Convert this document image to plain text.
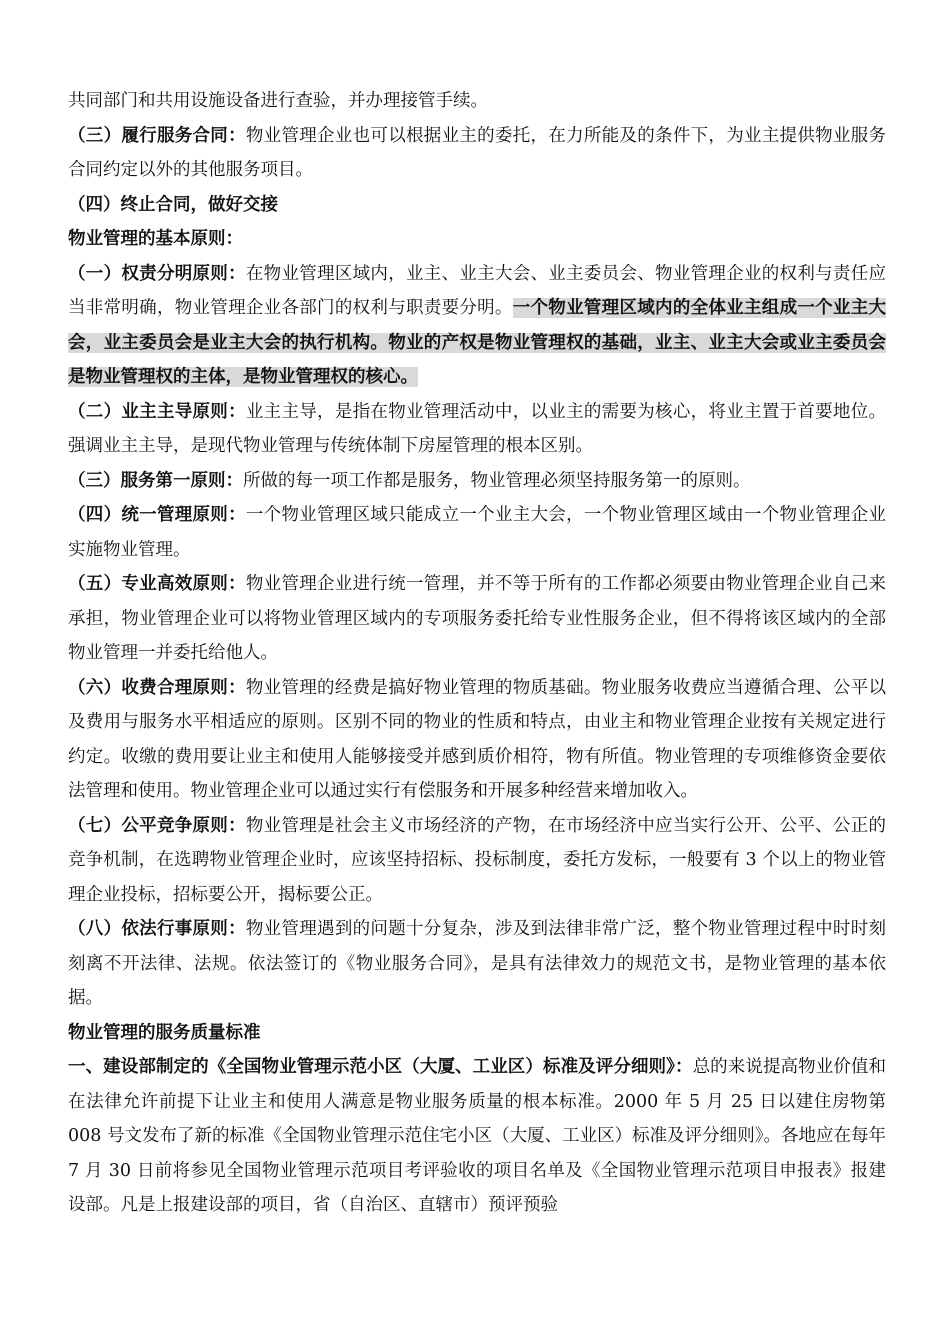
共同部门和共用设施设备进行查验，并办理接管手续。

（三）履行服务合同：物业管理企业也可以根据业主的委托，在力所能及的条件下，为业主提供物业服务合同约定以外的其他服务项目。

（四）终止合同，做好交接

物业管理的基本原则：

（一）权责分明原则：在物业管理区域内，业主、业主大会、业主委员会、物业管理企业的权利与责任应当非常明确，物业管理企业各部门的权利与职责要分明。一个物业管理区域内的全体业主组成一个业主大会，业主委员会是业主大会的执行机构。物业的产权是物业管理权的基础，业主、业主大会或业主委员会是物业管理权的主体，是物业管理权的核心。

（二）业主主导原则：业主主导，是指在物业管理活动中，以业主的需要为核心，将业主置于首要地位。强调业主主导，是现代物业管理与传统体制下房屋管理的根本区别。

（三）服务第一原则：所做的每一项工作都是服务，物业管理必须坚持服务第一的原则。

（四）统一管理原则：一个物业管理区域只能成立一个业主大会，一个物业管理区域由一个物业管理企业实施物业管理。

（五）专业高效原则：物业管理企业进行统一管理，并不等于所有的工作都必须要由物业管理企业自己来承担，物业管理企业可以将物业管理区域内的专项服务委托给专业性服务企业，但不得将该区域内的全部物业管理一并委托给他人。

（六）收费合理原则：物业管理的经费是搞好物业管理的物质基础。物业服务收费应当遵循合理、公平以及费用与服务水平相适应的原则。区别不同的物业的性质和特点，由业主和物业管理企业按有关规定进行约定。收缴的费用要让业主和使用人能够接受并感到质价相符，物有所值。物业管理的专项维修资金要依法管理和使用。物业管理企业可以通过实行有偿服务和开展多种经营来增加收入。

（七）公平竞争原则：物业管理是社会主义市场经济的产物，在市场经济中应当实行公开、公平、公正的竞争机制，在选聘物业管理企业时，应该坚持招标、投标制度，委托方发标，一般要有 3 个以上的物业管理企业投标，招标要公开，揭标要公正。

（八）依法行事原则：物业管理遇到的问题十分复杂，涉及到法律非常广泛，整个物业管理过程中时时刻刻离不开法律、法规。依法签订的《物业服务合同》，是具有法律效力的规范文书，是物业管理的基本依据。

物业管理的服务质量标准

一、建设部制定的《全国物业管理示范小区（大厦、工业区）标准及评分细则》：总的来说提高物业价值和在法律允许前提下让业主和使用人满意是物业服务质量的根本标准。2000 年 5 月 25 日以建住房物第 008 号文发布了新的标准《全国物业管理示范住宅小区（大厦、工业区）标准及评分细则》。各地应在每年 7 月 30 日前将参见全国物业管理示范项目考评验收的项目名单及《全国物业管理示范项目申报表》报建设部。凡是上报建设部的项目，省（自治区、直辖市）预评预验
